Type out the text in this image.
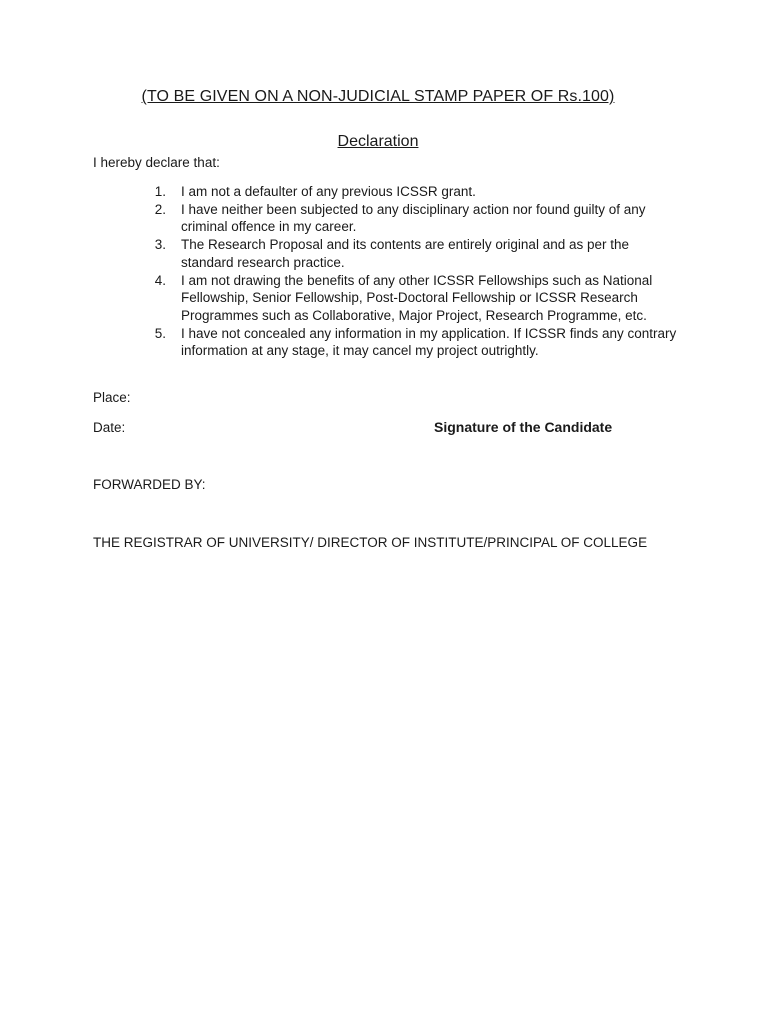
(TO BE GIVEN ON A NON-JUDICIAL STAMP PAPER OF Rs.100)
Declaration
I hereby declare that:
1.	I am not a defaulter of any previous ICSSR grant.
2.	I have neither been subjected to any disciplinary action nor found guilty of any criminal offence in my career.
3.	The Research Proposal and its contents are entirely original and as per the standard research practice.
4.	I am not drawing the benefits of any other ICSSR Fellowships such as National Fellowship, Senior Fellowship, Post-Doctoral Fellowship or ICSSR Research Programmes such as Collaborative, Major Project, Research Programme, etc.
5.	I have not concealed any information in my application. If ICSSR finds any contrary information at any stage, it may cancel my project outrightly.
Place:
Date:	Signature of the Candidate
FORWARDED BY:
THE REGISTRAR OF UNIVERSITY/ DIRECTOR OF INSTITUTE/PRINCIPAL OF COLLEGE
